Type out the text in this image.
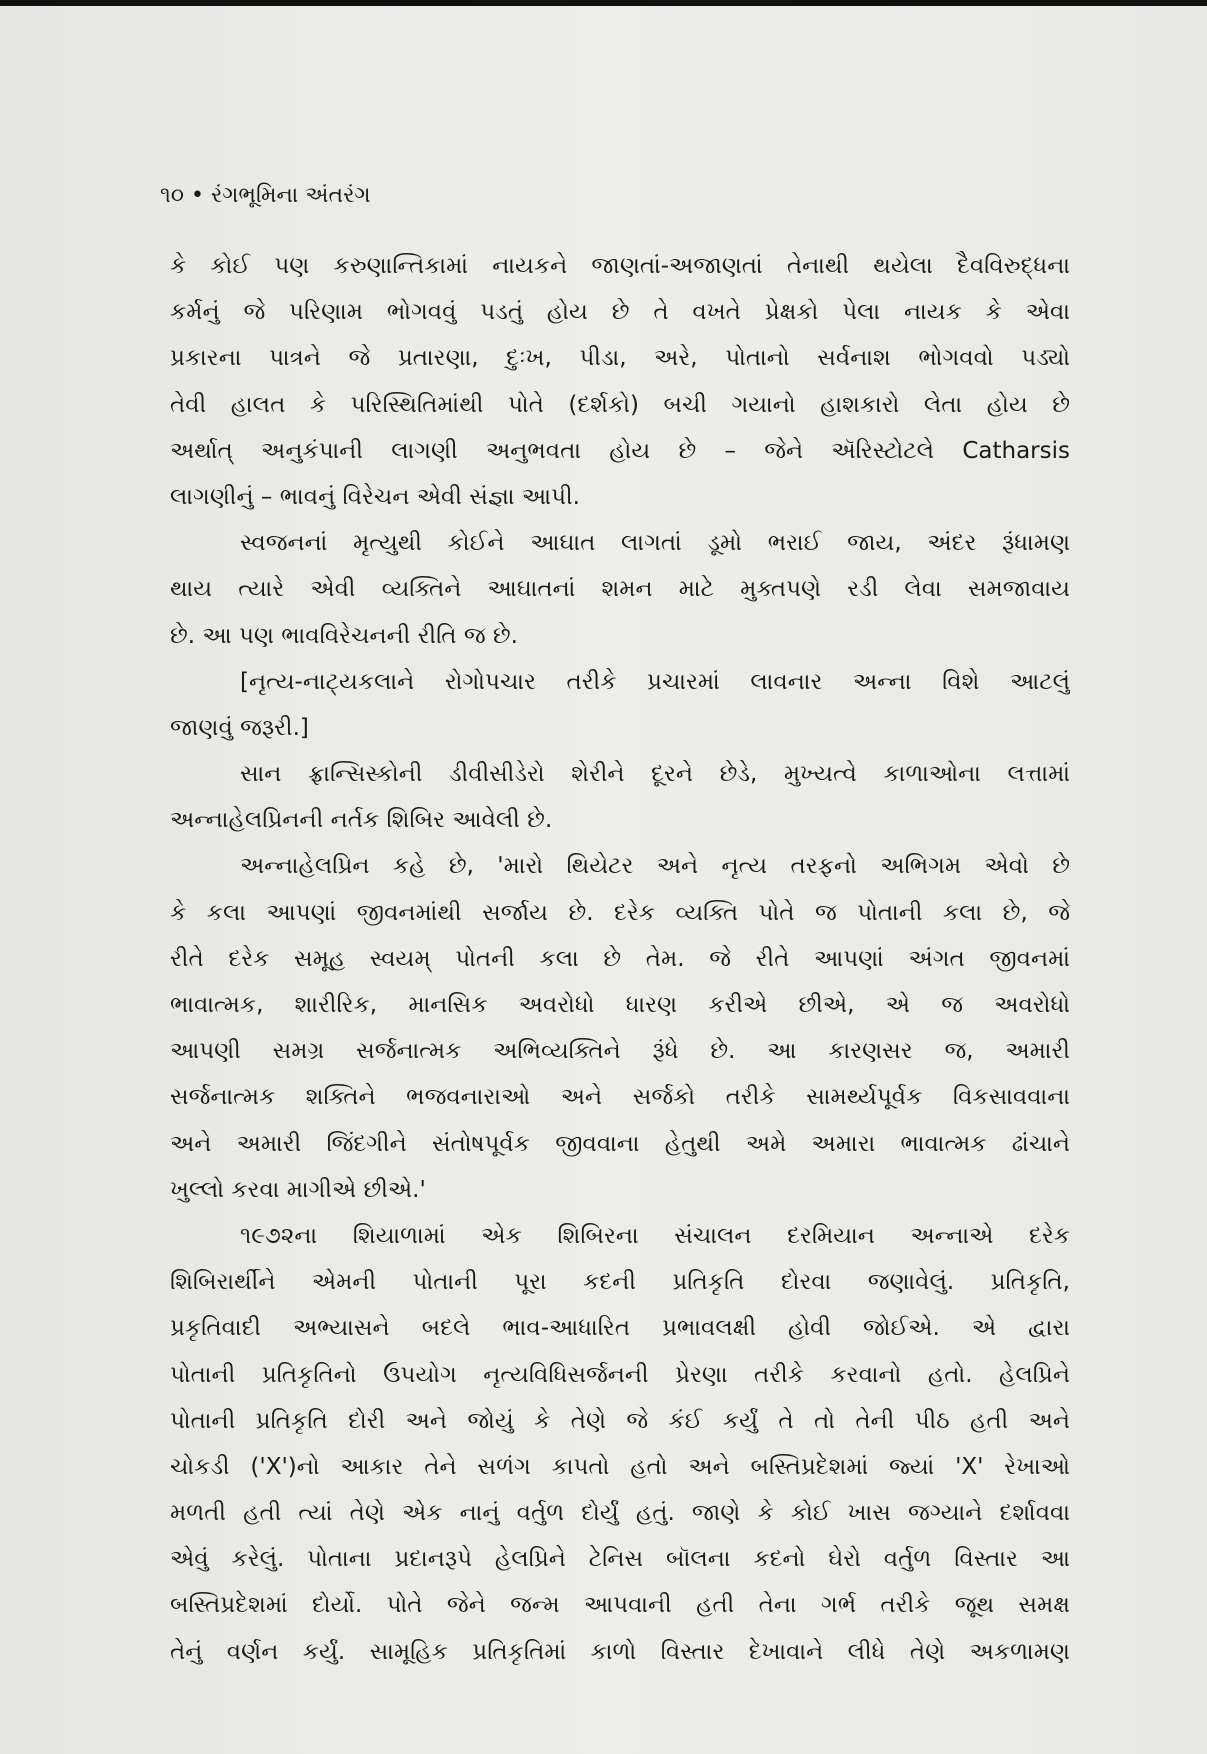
૧૦ • રંગભૂમિના અંતરંગ
કે કોઈ પણ કરુણાન્તિકામાં નાયકને જાણતાં-અજાણતાં તેનાથી થયેલા દૈવવિરુદ્ધના
કર્મનું જે પરિણામ ભોગવવું પડતું હોય છે તે વખતે પ્રેક્ષકો પેલા નાયક કે એવા
પ્રકારના પાત્રને જે પ્રતારણા, દુઃખ, પીડા, અરે, પોતાનો સર્વનાશ ભોગવવો પડ્યો
તેવી હાલત કે પરિસ્થિતિમાંથી પોતે (દર્શકો) બચી ગયાનો હાશકારો લેતા હોય છે
અર્થાત્ અનુકંપાની લાગણી અનુભવતા હોય છે – જેને ઍરિસ્ટોટલે Catharsis
લાગણીનું – ભાવનું વિરેચન એવી સંજ્ઞા આપી.
સ્વજનનાં મૃત્યુથી કોઈને આઘાત લાગતાં ડૂમો ભરાઈ જાય, અંદર રૂંધામણ
થાય ત્યારે એવી વ્યક્તિને આઘાતનાં શમન માટે મુક્તપણે રડી લેવા સમજાવાય
છે. આ પણ ભાવવિરેચનની રીતિ જ છે.
[નૃત્ય-નાટ્યકલાને રોગોપચાર તરીકે પ્રચારમાં લાવનાર અન્ના વિશે આટલું
જાણવું જરૂરી.]
સાન ફ્રાન્સિસ્કોની ડીવીસીડેરો શેરીને દૂરને છેડે, મુખ્યત્વે કાળાઓના લત્તામાં
અન્નાહેલપ્રિનની નર્તક શિબિર આવેલી છે.
અન્નાહેલપ્રિન કહે છે, 'મારો થિયેટર અને નૃત્ય તરફનો અભિગમ એવો છે
કે કલા આપણાં જીવનમાંથી સર્જાય છે. દરેક વ્યક્તિ પોતે જ પોતાની કલા છે, જે
રીતે દરેક સમૂહ સ્વયમ્ પોતની કલા છે તેમ. જે રીતે આપણાં અંગત જીવનમાં
ભાવાત્મક, શારીરિક, માનસિક અવરોધો ધારણ કરીએ છીએ, એ જ અવરોધો
આપણી સમગ્ર સર્જનાત્મક અભિવ્યક્તિને રૂંધે છે. આ કારણસર જ, અમારી
સર્જનાત્મક શક્તિને ભજવનારાઓ અને સર્જકો તરીકે સામર્થ્યપૂર્વક વિકસાવવાના
અને અમારી જિંદગીને સંતોષપૂર્વક જીવવાના હેતુથી અમે અમારા ભાવાત્મક ઢાંચાને
ખુલ્લો કરવા માગીએ છીએ.'
૧૯૭૨ના શિયાળામાં એક શિબિરના સંચાલન દરમિયાન અન્નાએ દરેક
શિબિરાર્થીને એમની પોતાની પૂરા કદની પ્રતિકૃતિ દોરવા જણાવેલું. પ્રતિકૃતિ,
પ્રકૃતિવાદી અભ્યાસને બદલે ભાવ-આધારિત પ્રભાવલક્ષી હોવી જોઈએ. એ દ્વારા
પોતાની પ્રતિકૃતિનો ઉપયોગ નૃત્યવિધિસર્જનની પ્રેરણા તરીકે કરવાનો હતો. હેલપ્રિને
પોતાની પ્રતિકૃતિ દોરી અને જોયું કે તેણે જે કંઈ કર્યું તે તો તેની પીઠ હતી અને
ચોકડી ('X')નો આકાર તેને સળંગ કાપતો હતો અને બસ્તિપ્રદેશમાં જ્યાં 'X' રેખાઓ
મળતી હતી ત્યાં તેણે એક નાનું વર્તુળ દોર્યું હતું. જાણે કે કોઈ ખાસ જગ્યાને દર્શાવવા
એવું કરેલું. પોતાના પ્રદાનરૂપે હેલપ્રિને ટેનિસ બૉલના કદનો ઘેરો વર્તુળ વિસ્તાર આ
બસ્તિપ્રદેશમાં દોર્યો. પોતે જેને જન્મ આપવાની હતી તેના ગર્ભ તરીકે જૂથ સમક્ષ
તેનું વર્ણન કર્યું. સામૂહિક પ્રતિકૃતિમાં કાળો વિસ્તાર દેખાવાને લીધે તેણે અકળામણ
